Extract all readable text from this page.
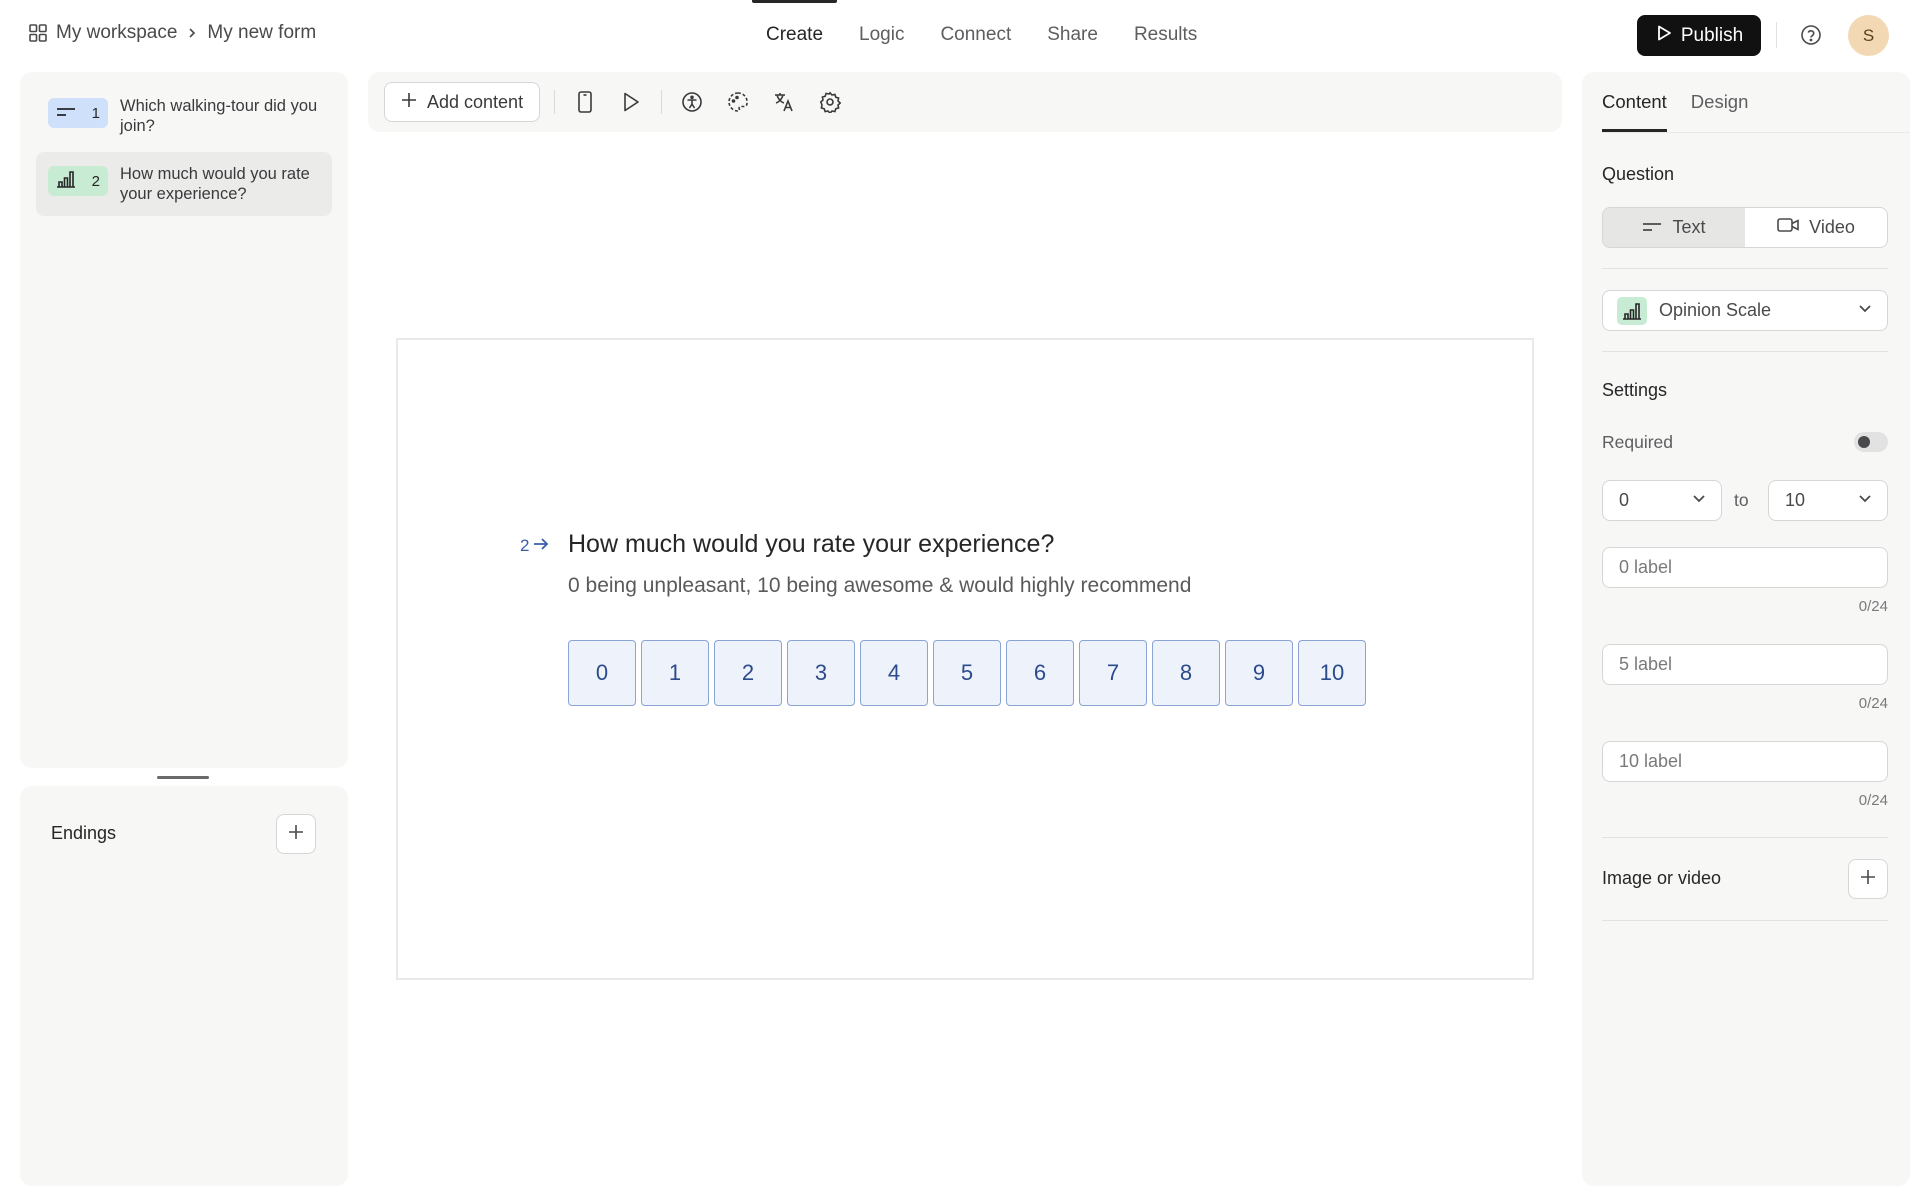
My workspace My new form	Create	Logic	Connect	Share	Results	Publish	S
1 Which walking-tour did you join?
2 How much would you rate your experience?
Endings
Add content
2 How much would you rate your experience?
0 being unpleasant, 10 being awesome & would highly recommend
0	1	2	3	4	5	6	7	8	9	10
Content Design
Question
Text	Video
Opinion Scale
Settings
Required
0	to 10
0 label
0/24
5 label
0/24
10 label
0/24
Image or video
